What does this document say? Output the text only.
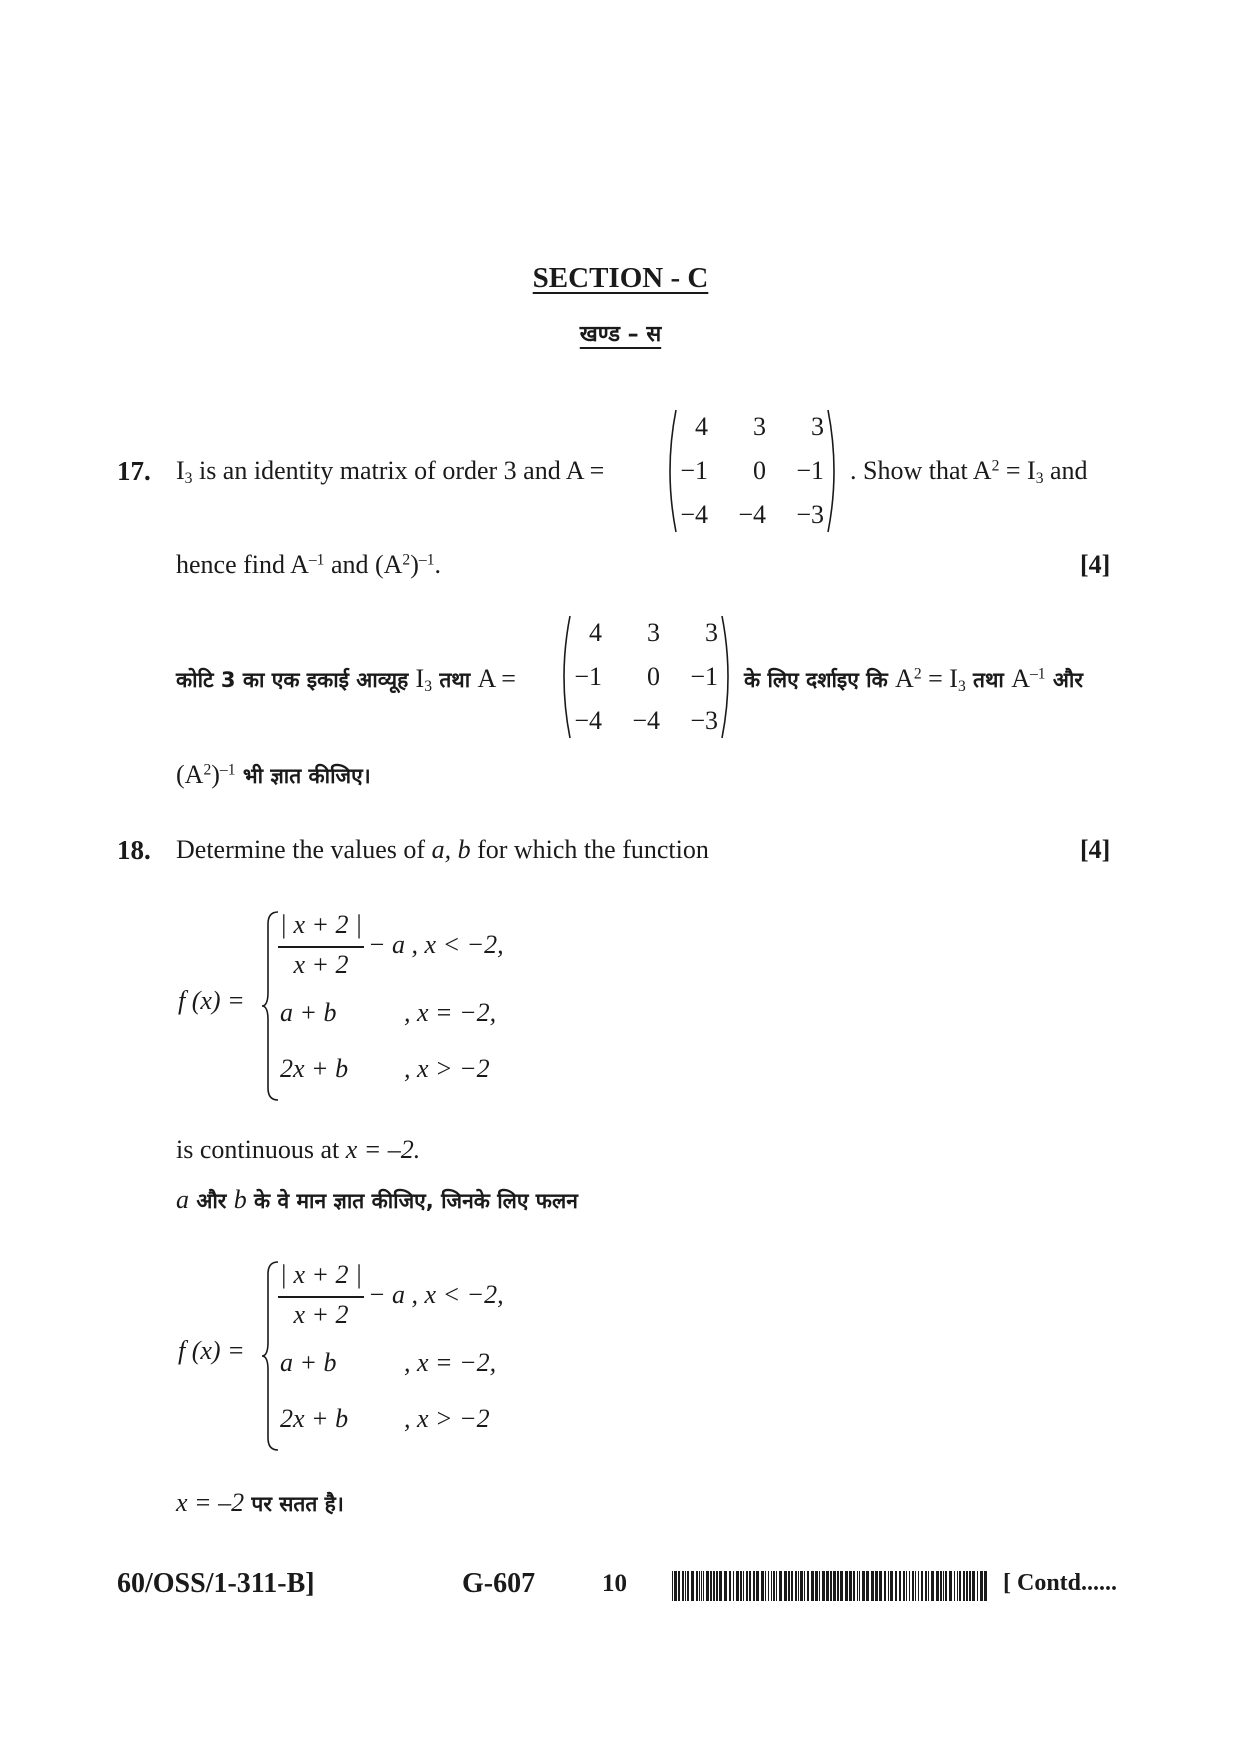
SECTION - C
खण्ड – स
17. $I_3$ is an identity matrix of order 3 and A =
4	3	3
−1	0	−1
−4	−4	−3
. Show that $A^2 = I_3$ and
hence find $A^{-1}$ and $(A^2)^{-1}$.	[4]
कोटि 3 का एक इकाई आव्यूह $I_3$ तथा A =
4	3	3
−1	0	−1
−4	−4	−3
के लिए दर्शाइए कि $A^2 = I_3$ तथा $A^{-1}$ और
$(A^2)^{-1}$ भी ज्ञात कीजिए।
18. Determine the values of a, b for which the function	[4]
f (x) =
| x + 2 |
x + 2
− a , x < −2,
a + b	, x = −2,
2x + b , x > −2
is continuous at x = –2.
a और b के वे मान ज्ञात कीजिए, जिनके लिए फलन
f (x) =
| x + 2 |
x + 2
− a , x < −2,
a + b	, x = −2,
2x + b , x > −2
x = –2 पर सतत है।
60/OSS/1-311-B]	G-607	10	[ Contd......
